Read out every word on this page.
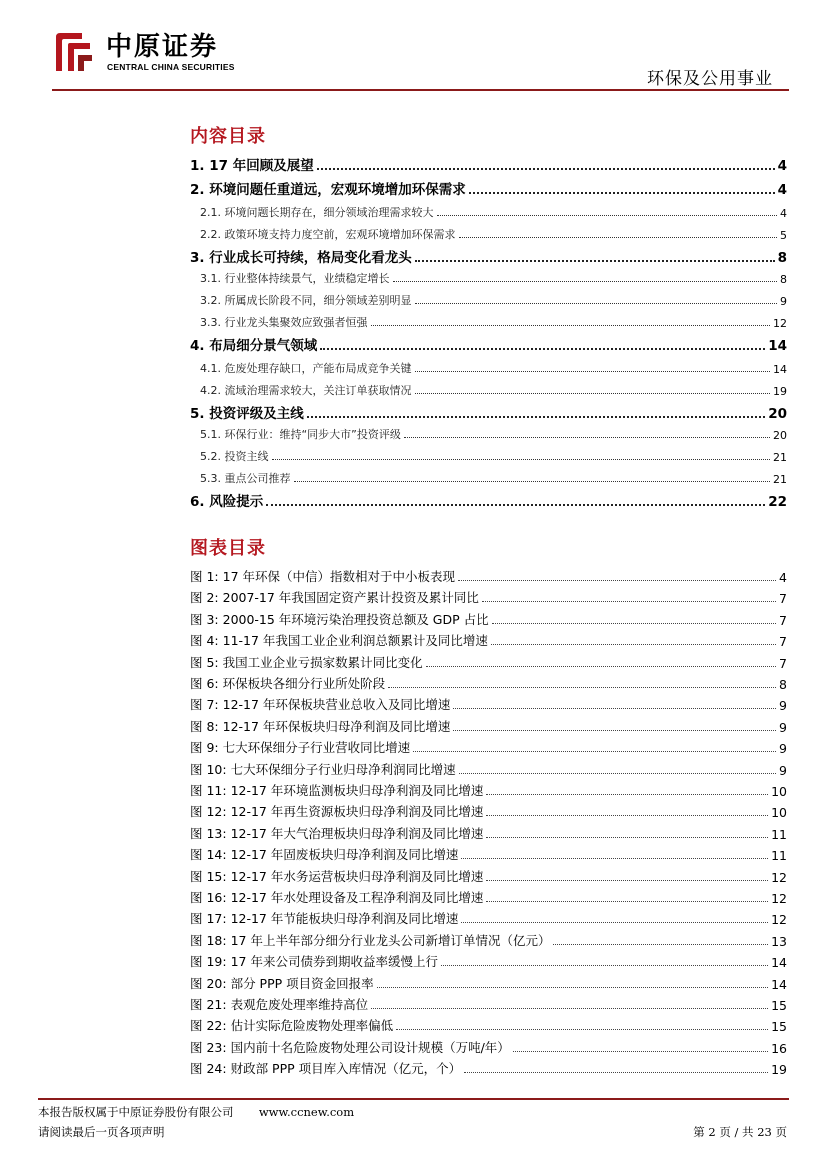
中原证券
CENTRAL CHINA SECURITIES
环保及公用事业
内容目录
1. 17 年回顾及展望	4
2. 环境问题任重道远，宏观环境增加环保需求	4
2.1. 环境问题长期存在，细分领域治理需求较大	4
2.2. 政策环境支持力度空前，宏观环境增加环保需求	5
3. 行业成长可持续，格局变化看龙头	8
3.1. 行业整体持续景气，业绩稳定增长	8
3.2. 所属成长阶段不同，细分领域差别明显	9
3.3. 行业龙头集聚效应致强者恒强	12
4. 布局细分景气领域	14
4.1. 危废处理存缺口，产能布局成竞争关键	14
4.2. 流域治理需求较大，关注订单获取情况	19
5. 投资评级及主线	20
5.1. 环保行业：维持“同步大市”投资评级	20
5.2. 投资主线	21
5.3. 重点公司推荐	21
6. 风险提示	22
图表目录
图 1: 17 年环保（中信）指数相对于中小板表现	4
图 2: 2007-17 年我国固定资产累计投资及累计同比	7
图 3: 2000-15 年环境污染治理投资总额及 GDP 占比	7
图 4: 11-17 年我国工业企业利润总额累计及同比增速	7
图 5: 我国工业企业亏损家数累计同比变化	7
图 6: 环保板块各细分行业所处阶段	8
图 7: 12-17 年环保板块营业总收入及同比增速	9
图 8: 12-17 年环保板块归母净利润及同比增速	9
图 9: 七大环保细分子行业营收同比增速	9
图 10: 七大环保细分子行业归母净利润同比增速	9
图 11: 12-17 年环境监测板块归母净利润及同比增速	10
图 12: 12-17 年再生资源板块归母净利润及同比增速	10
图 13: 12-17 年大气治理板块归母净利润及同比增速	11
图 14: 12-17 年固废板块归母净利润及同比增速	11
图 15: 12-17 年水务运营板块归母净利润及同比增速	12
图 16: 12-17 年水处理设备及工程净利润及同比增速	12
图 17: 12-17 年节能板块归母净利润及同比增速	12
图 18: 17 年上半年部分细分行业龙头公司新增订单情况（亿元）	13
图 19: 17 年来公司债券到期收益率缓慢上行	14
图 20: 部分 PPP 项目资金回报率	14
图 21: 表观危废处理率维持高位	15
图 22: 估计实际危险废物处理率偏低	15
图 23: 国内前十名危险废物处理公司设计规模（万吨/年）	16
图 24: 财政部 PPP 项目库入库情况（亿元，个）	19
本报告版权属于中原证券股份有限公司 www.ccnew.com
请阅读最后一页各项声明	第 2 页 / 共 23 页
